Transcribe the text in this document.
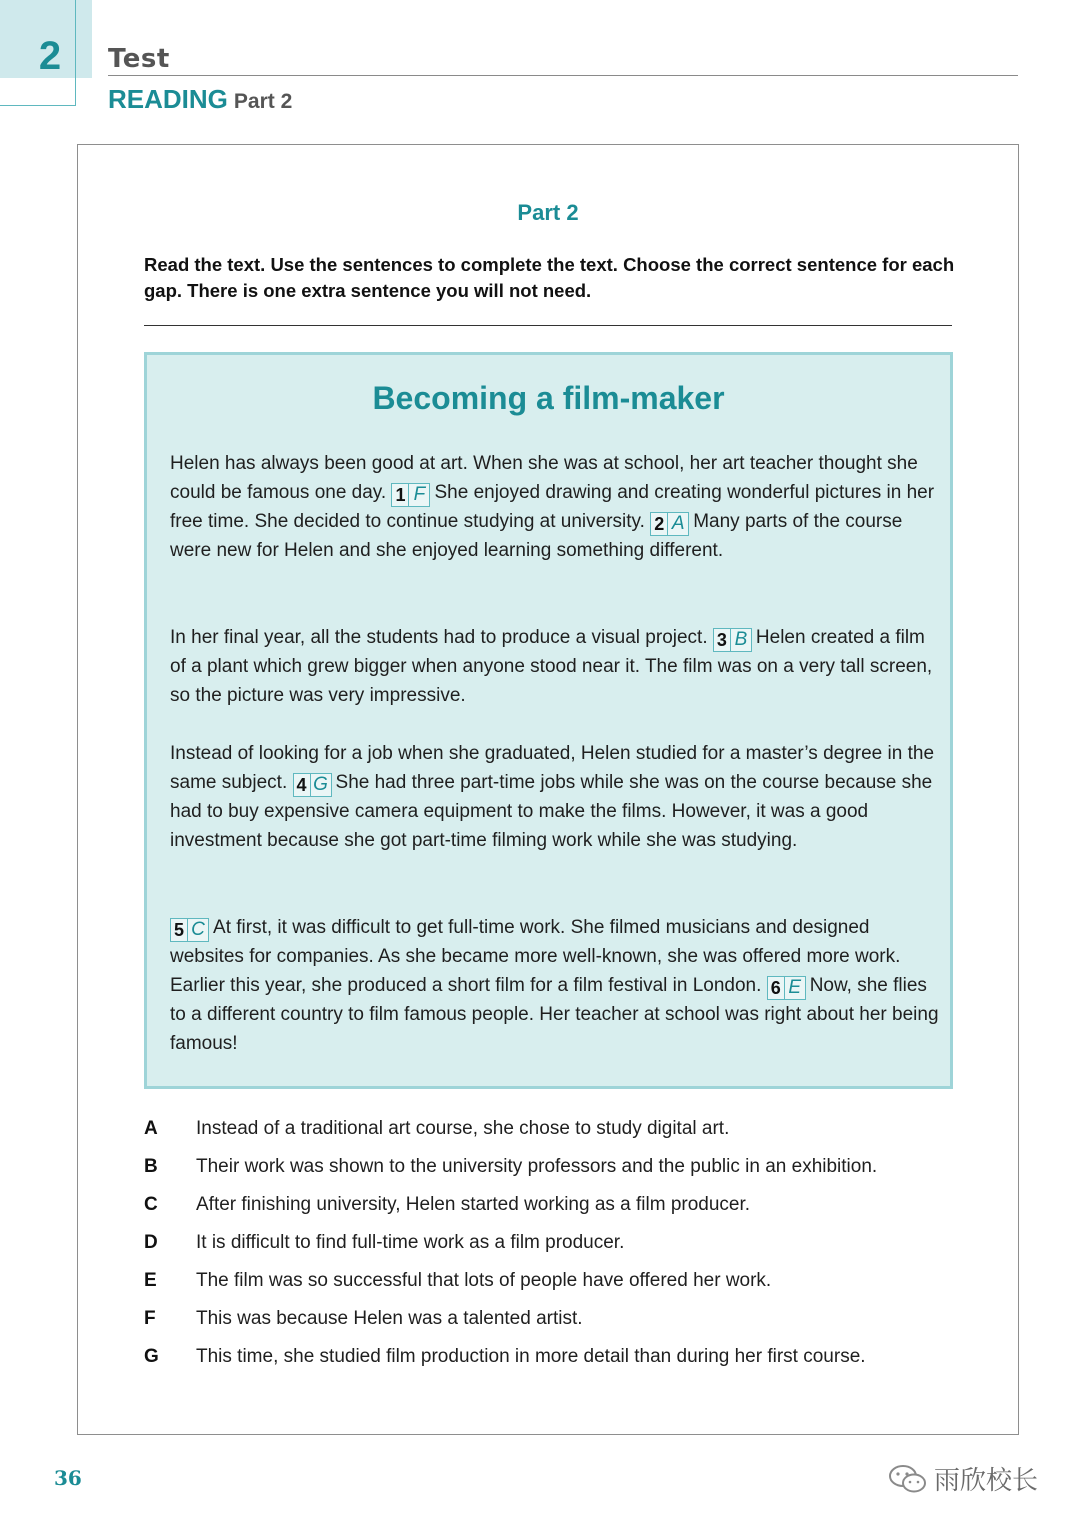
2	Test
READING Part 2
Part 2
Read the text. Use the sentences to complete the text. Choose the correct sentence for each gap. There is one extra sentence you will not need.
Becoming a film-maker
Helen has always been good at art. When she was at school, her art teacher thought she could be famous one day. 1 F She enjoyed drawing and creating wonderful pictures in her free time. She decided to continue studying at university. 2 A Many parts of the course were new for Helen and she enjoyed learning something different.
In her final year, all the students had to produce a visual project. 3 B Helen created a film of a plant which grew bigger when anyone stood near it. The film was on a very tall screen, so the picture was very impressive.
Instead of looking for a job when she graduated, Helen studied for a master’s degree in the same subject. 4 G She had three part-time jobs while she was on the course because she had to buy expensive camera equipment to make the films. However, it was a good investment because she got part-time filming work while she was studying.
5 C At first, it was difficult to get full-time work. She filmed musicians and designed websites for companies. As she became more well-known, she was offered more work. Earlier this year, she produced a short film for a film festival in London. 6 E Now, she flies to a different country to film famous people. Her teacher at school was right about her being famous!
A	Instead of a traditional art course, she chose to study digital art.
B	Their work was shown to the university professors and the public in an exhibition.
C	After finishing university, Helen started working as a film producer.
D	It is difficult to find full-time work as a film producer.
E	The film was so successful that lots of people have offered her work.
F	This was because Helen was a talented artist.
G	This time, she studied film production in more detail than during her first course.
36	雨欣校长
